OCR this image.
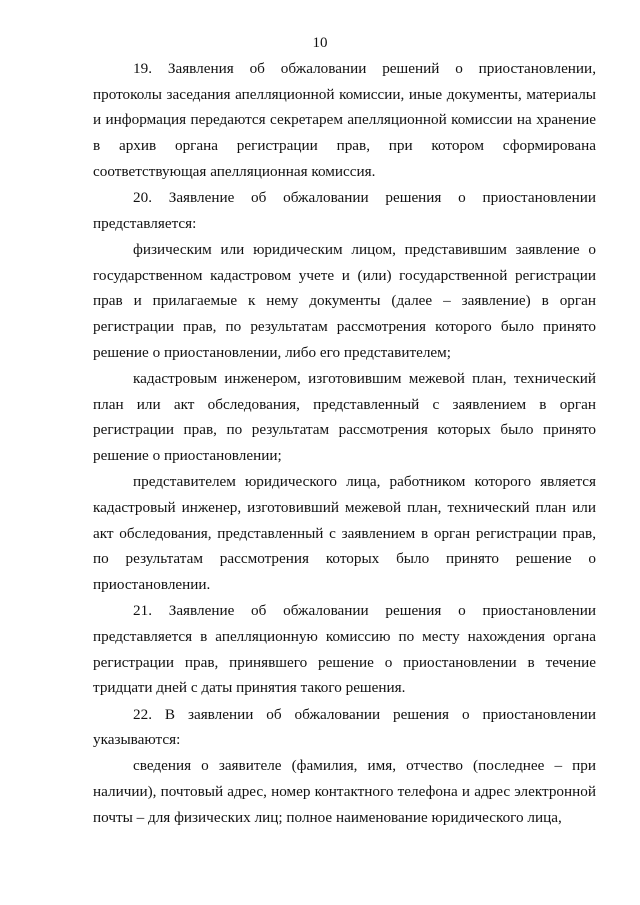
10

19. Заявления об обжаловании решений о приостановлении, протоколы заседания апелляционной комиссии, иные документы, материалы и информация передаются секретарем апелляционной комиссии на хранение в архив органа регистрации прав, при котором сформирована соответствующая апелляционная комиссия.

20. Заявление об обжаловании решения о приостановлении представляется:

физическим или юридическим лицом, представившим заявление о государственном кадастровом учете и (или) государственной регистрации прав и прилагаемые к нему документы (далее – заявление) в орган регистрации прав, по результатам рассмотрения которого было принято решение о приостановлении, либо его представителем;

кадастровым инженером, изготовившим межевой план, технический план или акт обследования, представленный с заявлением в орган регистрации прав, по результатам рассмотрения которых было принято решение о приостановлении;

представителем юридического лица, работником которого является кадастровый инженер, изготовивший межевой план, технический план или акт обследования, представленный с заявлением в орган регистрации прав, по результатам рассмотрения которых было принято решение о приостановлении.

21. Заявление об обжаловании решения о приостановлении представляется в апелляционную комиссию по месту нахождения органа регистрации прав, принявшего решение о приостановлении в течение тридцати дней с даты принятия такого решения.

22. В заявлении об обжаловании решения о приостановлении указываются:

сведения о заявителе (фамилия, имя, отчество (последнее – при наличии), почтовый адрес, номер контактного телефона и адрес электронной почты – для физических лиц; полное наименование юридического лица,
